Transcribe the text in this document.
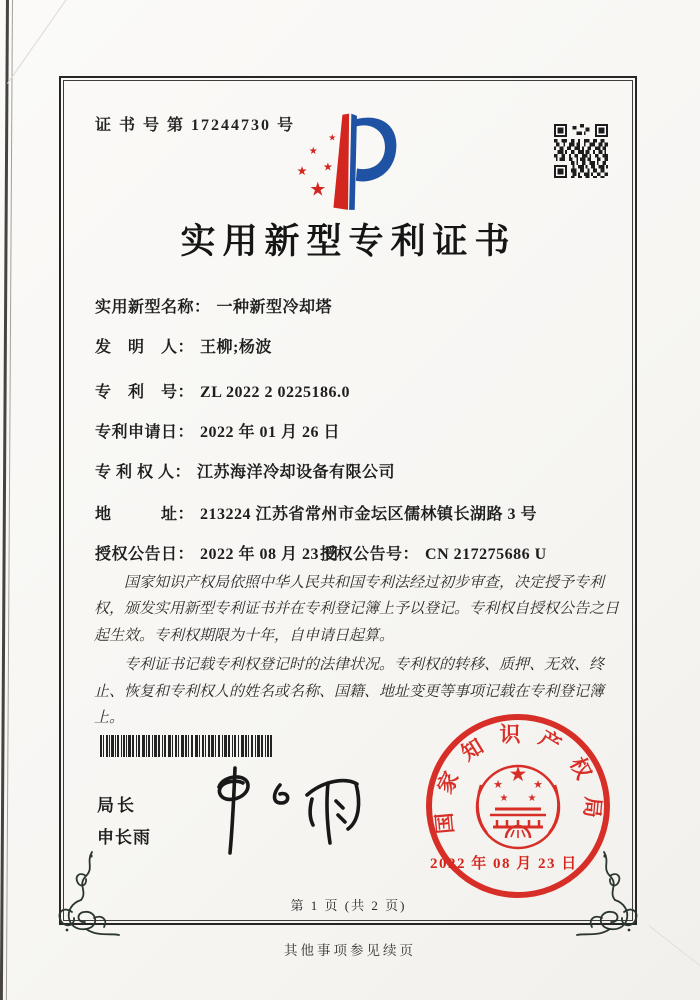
证 书 号 第 17244730 号
★
★ ★
★
★
实用新型专利证书
实用新型名称： 一种新型冷却塔
发　明　人： 王柳;杨波
专　利　号： ZL 2022 2 0225186.0
专利申请日： 2022 年 01 月 26 日
专 利 权 人： 江苏海洋冷却设备有限公司
地　　　址： 213224 江苏省常州市金坛区儒林镇长湖路 3 号
授权公告日： 2022 年 08 月 23 日
授权公告号： CN 217275686 U

国家知识产权局依照中华人民共和国专利法经过初步审查，决定授予专利权，颁发实用新型专利证书并在专利登记簿上予以登记。专利权自授权公告之日起生效。专利权期限为十年，自申请日起算。

专利证书记载专利权登记时的法律状况。专利权的转移、质押、无效、终止、恢复和专利权人的姓名或名称、国籍、地址变更等事项记载在专利登记簿上。

局长
申长雨
国家知识产权局
★
★	★
★ ★
2022 年 08 月 23 日
第 1 页 (共 2 页)
其他事项参见续页
